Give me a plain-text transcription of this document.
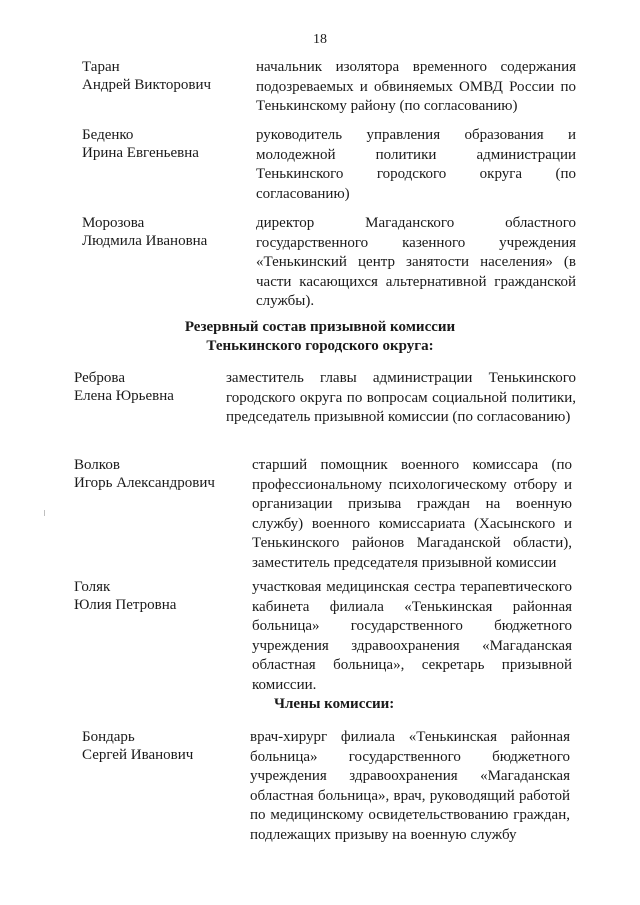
18
Таран
Андрей Викторович
начальник изолятора временного содержания подозреваемых и обвиняемых ОМВД России по Тенькинскому району (по согласованию)
Беденко
Ирина Евгеньевна
руководитель управления образования и молодежной политики администрации Тенькинского городского округа (по согласованию)
Морозова
Людмила Ивановна
директор Магаданского областного государственного казенного учреждения «Тенькинский центр занятости населения» (в части касающихся альтернативной гражданской службы).
Резервный состав призывной комиссии
Тенькинского городского округа:
Реброва
Елена Юрьевна
заместитель главы администрации Тенькинского городского округа по вопросам социальной политики, председатель призывной комиссии (по согласованию)
Волков
Игорь Александрович
старший помощник военного комиссара (по профессиональному психологическому отбору и организации призыва граждан на военную службу) военного комиссариата (Хасынского и Тенькинского районов Магаданской области), заместитель председателя призывной комиссии
Голяк
Юлия Петровна
участковая медицинская сестра терапевтического кабинета филиала «Тенькинская районная больница» государственного бюджетного учреждения здравоохранения «Магаданская областная больница», секретарь призывной комиссии.
Члены комиссии:
Бондарь
Сергей Иванович
врач-хирург филиала «Тенькинская районная больница» государственного бюджетного учреждения здравоохранения «Магаданская областная больница», врач, руководящий работой по медицинскому освидетельствованию граждан, подлежащих призыву на военную службу
